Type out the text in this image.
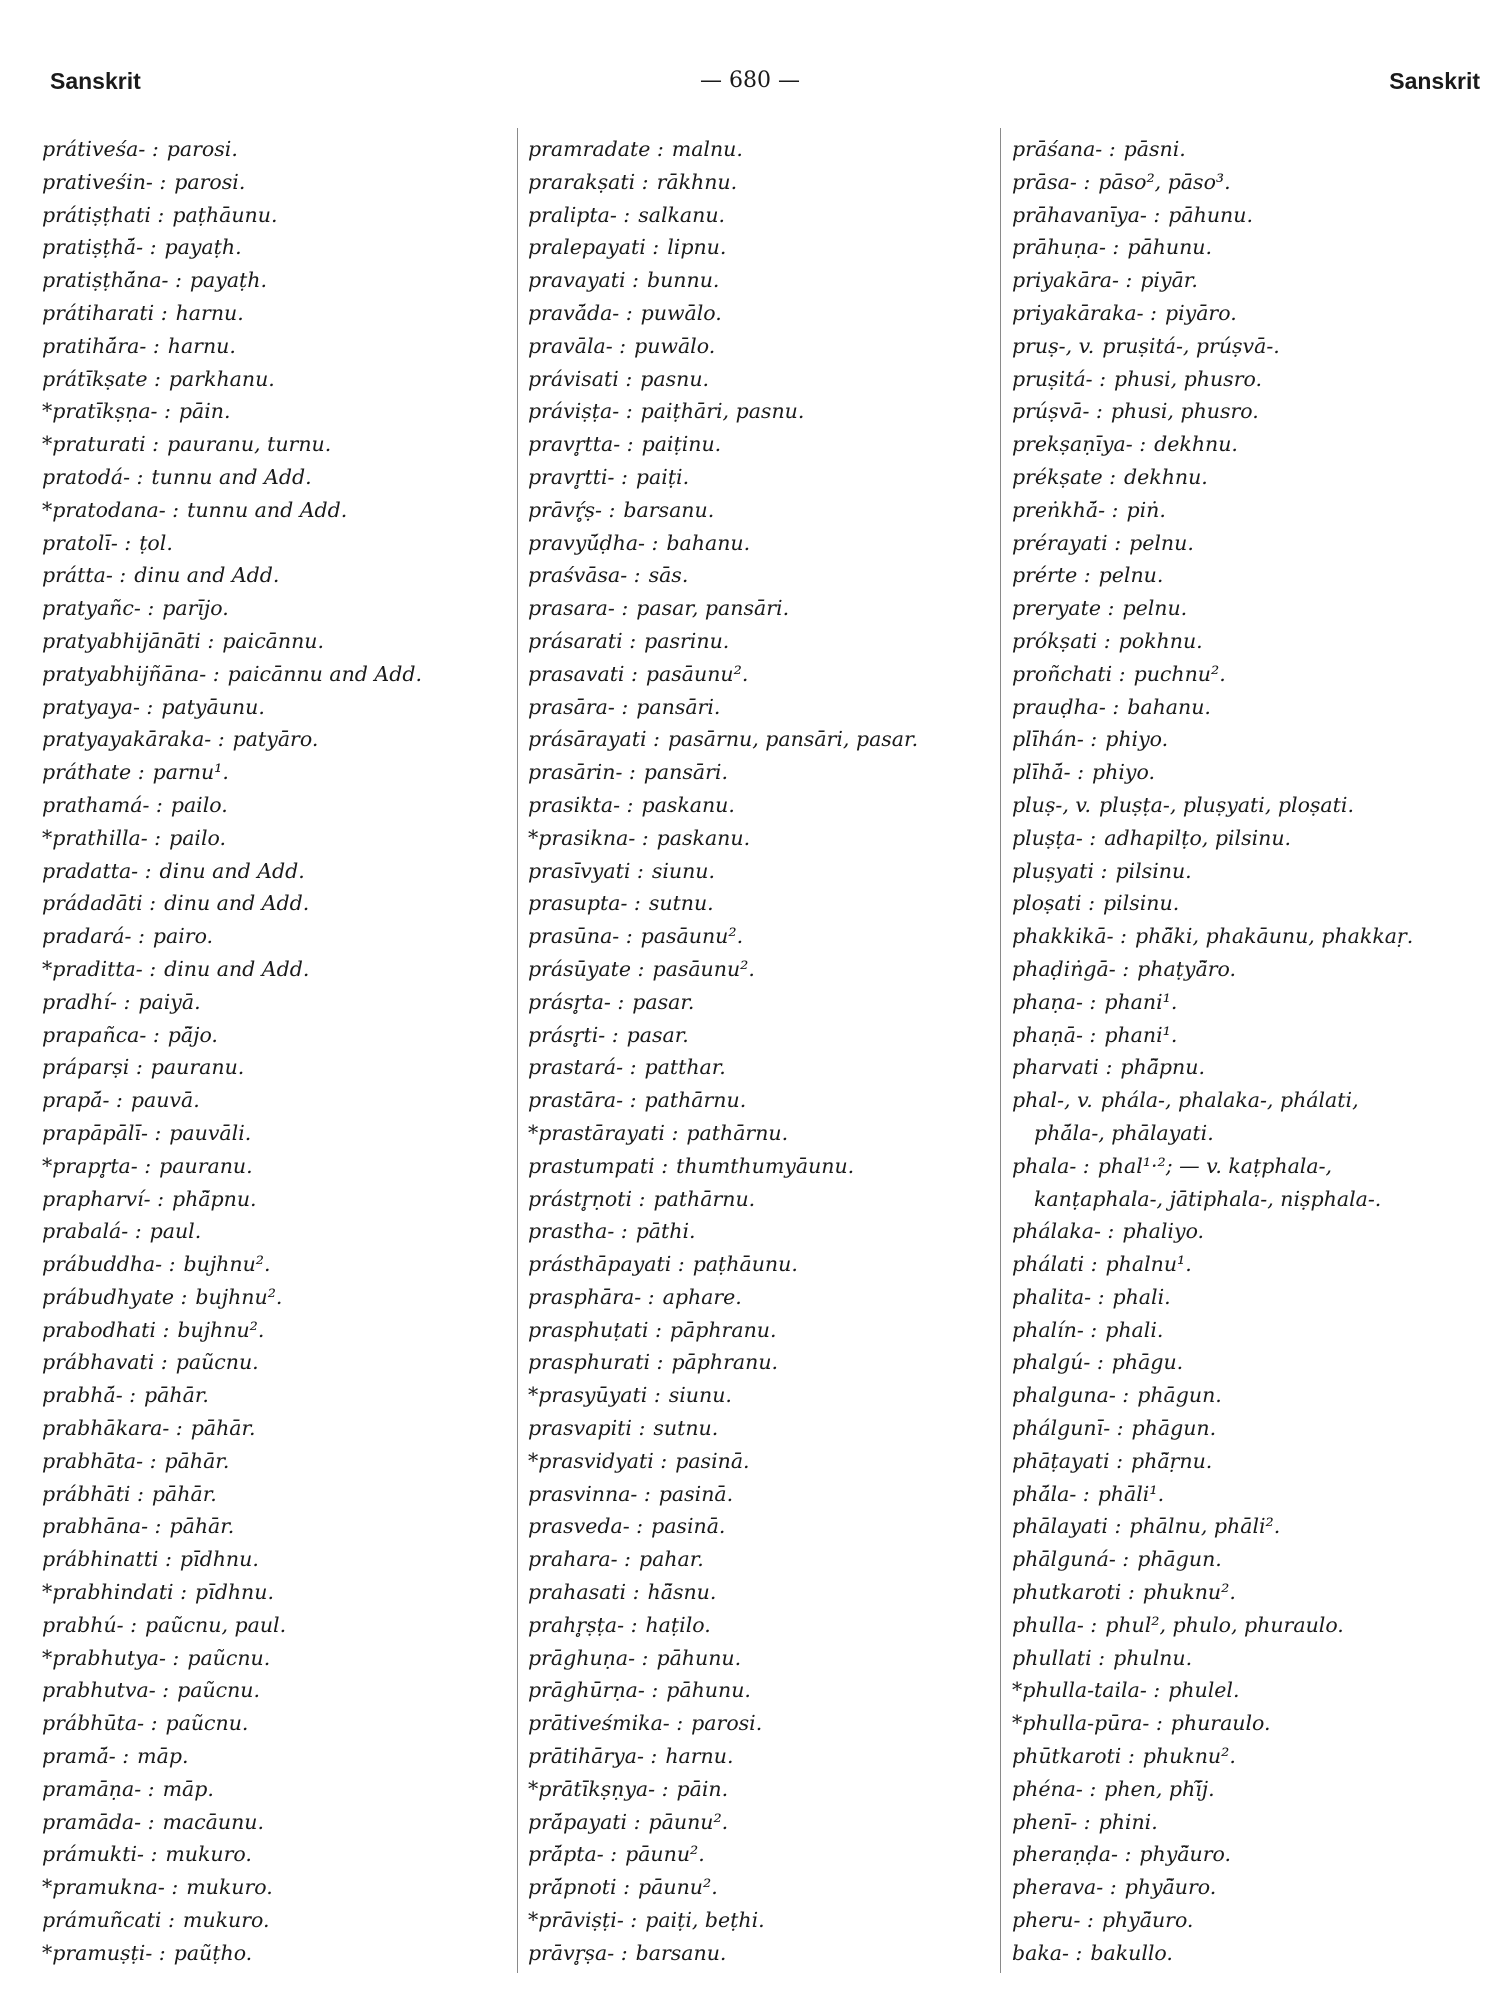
Sanskrit	— 680 —	Sanskrit
prátiveśa- : parosi.
prativeśin- : parosi.
prátiṣṭhati : paṭhāunu.
pratiṣṭhā́- : payaṭh.
pratiṣṭhā́na- : payaṭh.
prátiharati : harnu.
pratihā́ra- : harnu.
prátīkṣate : parkhanu.
*pratīkṣṇa- : pāin.
*praturati : pauranu, turnu.
pratodá- : tunnu and Add.
*pratodana- : tunnu and Add.
pratolī- : ṭol.
prátta- : dinu and Add.
pratyañc- : parījo.
pratyabhijānāti : paicānnu.
pratyabhijñāna- : paicānnu and Add.
pratyaya- : patyāunu.
pratyayakāraka- : patyāro.
práthate : parnu¹.
prathamá- : pailo.
*prathilla- : pailo.
pradatta- : dinu and Add.
prádadāti : dinu and Add.
pradará- : pairo.
*praditta- : dinu and Add.
pradhí- : paiyā.
prapañca- : pā̃jo.
práparṣi : pauranu.
prapā́- : pauvā.
prapāpālī- : pauvāli.
*prapr̥ta- : pauranu.
prapharví- : phā̃pnu.
prabalá- : paul.
prábuddha- : bujhnu².
prábudhyate : bujhnu².
prabodhati : bujhnu².
prábhavati : paũcnu.
prabhā́- : pāhār.
prabhākara- : pāhār.
prabhāta- : pāhār.
prábhāti : pāhār.
prabhāna- : pāhār.
prábhinatti : pīdhnu.
*prabhindati : pīdhnu.
prabhú- : paũcnu, paul.
*prabhutya- : paũcnu.
prabhutva- : paũcnu.
prábhūta- : paũcnu.
pramā́- : māp.
pramāṇa- : māp.
pramāda- : macāunu.
prámukti- : mukuro.
*pramukna- : mukuro.
prámuñcati : mukuro.
*pramuṣṭi- : paũṭho.
pramradate : malnu.
prarakṣati : rākhnu.
pralipta- : salkanu.
pralepayati : lipnu.
pravayati : bunnu.
pravā́da- : puwālo.
pravāla- : puwālo.
právisati : pasnu.
práviṣṭa- : paiṭhāri, pasnu.
pravr̥tta- : paiṭinu.
pravr̥tti- : paiṭi.
prāvŕ̥ṣ- : barsanu.
pravyū́ḍha- : bahanu.
praśvāsa- : sās.
prasara- : pasar, pansāri.
prásarati : pasrinu.
prasavati : pasāunu².
prasāra- : pansāri.
prásārayati : pasārnu, pansāri, pasar.
prasārin- : pansāri.
prasikta- : paskanu.
*prasikna- : paskanu.
prasīvyati : siunu.
prasupta- : sutnu.
prasūna- : pasāunu².
prásūyate : pasāunu².
prásr̥ta- : pasar.
prásr̥ti- : pasar.
prastará- : patthar.
prastāra- : pathārnu.
*prastārayati : pathārnu.
prastumpati : thumthumyāunu.
prástr̥ṇoti : pathārnu.
prastha- : pāthi.
prásthāpayati : paṭhāunu.
prasphāra- : aphare.
prasphuṭati : pāphranu.
prasphurati : pāphranu.
*prasyūyati : siunu.
prasvapiti : sutnu.
*prasvidyati : pasinā.
prasvinna- : pasinā.
prasveda- : pasinā.
prahara- : pahar.
prahasati : hā̃snu.
prahr̥ṣṭa- : haṭilo.
prāghuṇa- : pāhunu.
prāghūrṇa- : pāhunu.
prātiveśmika- : parosi.
prātihārya- : harnu.
*prātīkṣṇya- : pāin.
prā́payati : pāunu².
prā́pta- : pāunu².
prā́pnoti : pāunu².
*prāviṣṭi- : paiṭi, beṭhi.
prāvr̥ṣa- : barsanu.
prāśana- : pāsni.
prāsa- : pāso², pāso³.
prāhavanīya- : pāhunu.
prāhuṇa- : pāhunu.
priyakāra- : piyār.
priyakāraka- : piyāro.
pruṣ-, v. pruṣitá-, prúṣvā-.
pruṣitá- : phusi, phusro.
prúṣvā- : phusi, phusro.
prekṣaṇīya- : dekhnu.
prékṣate : dekhnu.
preṅkhā́- : piṅ.
prérayati : pelnu.
prérte : pelnu.
preryate : pelnu.
prókṣati : pokhnu.
proñchati : puchnu².
prauḍha- : bahanu.
plīhán- : phiyo.
plīhā́- : phiyo.
pluṣ-, v. pluṣṭa-, pluṣyati, ploṣati.
pluṣṭa- : adhapilṭo, pilsinu.
pluṣyati : pilsinu.
ploṣati : pilsinu.
phakkikā- : phā̃ki, phakāunu, phakkaṛ.
phaḍiṅgā- : phaṭyā̃ro.
phaṇa- : phani¹.
phaṇā- : phani¹.
pharvati : phā̃pnu.
phal-, v. phála-, phalaka-, phálati,
phā́la-, phālayati.
phala- : phal¹·²; — v. kaṭphala-,
kanṭaphala-, jātiphala-, niṣphala-.
phálaka- : phaliyo.
phálati : phalnu¹.
phalita- : phali.
phalín- : phali.
phalgú- : phāgu.
phalguna- : phāgun.
phálgunī- : phāgun.
phāṭayati : phā̃ṛnu.
phā́la- : phāli¹.
phālayati : phālnu, phāli².
phālguná- : phāgun.
phutkaroti : phuknu².
phulla- : phul², phulo, phuraulo.
phullati : phulnu.
*phulla-taila- : phulel.
*phulla-pūra- : phuraulo.
phūtkaroti : phuknu².
phéna- : phen, phī̃j.
phenī- : phini.
pheraṇḍa- : phyā̃uro.
pherava- : phyā̃uro.
pheru- : phyā̃uro.
baka- : bakullo.
